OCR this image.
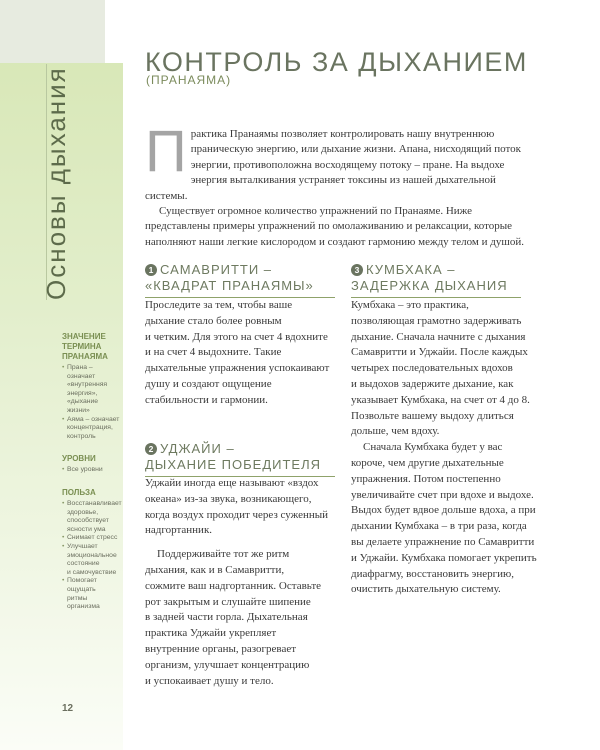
Основы дыхания
ЗНАЧЕНИЕ
ТЕРМИНА
ПРАНАЯМА
• Прана – означает
«внутренняя
энергия»,
«дыхание жизни»
• Аяма – означает
концентрация,
контроль
УРОВНИ
• Все уровни
ПОЛЬЗА
• Восстанавливает
здоровье,
способствует
ясности ума
• Снимает стресс
• Улучшает
эмоциональное
состояние
и самочувствие
• Помогает ощущать
ритмы организма
12
КОНТРОЛЬ ЗА ДЫХАНИЕМ
(ПРАНАЯМА)
П рактика Пранаямы позволяет контролировать нашу внутреннюю праническую энергию, или дыхание жизни. Апана, нисходящий поток энергии, противоположна восходящему потоку – пране. На выдохе энергия выталкивания устраняет токсины из нашей дыхательной системы.

Существует огромное количество упражнений по Пранаяме. Ниже представлены примеры упражнений по омолаживанию и релаксации, которые наполняют наши легкие кислородом и создают гармонию между телом и душой.

1 САМАВРИТТИ –
«КВАДРАТ ПРАНАЯМЫ»
Проследите за тем, чтобы ваше
дыхание стало более ровным
и четким. Для этого на счет 4 вдохните
и на счет 4 выдохните. Такие
дыхательные упражнения успокаивают
душу и создают ощущение
стабильности и гармонии.
2 УДЖАЙИ –
ДЫХАНИЕ ПОБЕДИТЕЛЯ
Уджайи иногда еще называют «вздох
океана» из-за звука, возникающего,
когда воздух проходит через суженный
надгортанник.
Поддерживайте тот же ритм
дыхания, как и в Самавритти,
сожмите ваш надгортанник. Оставьте
рот закрытым и слушайте шипение
в задней части горла. Дыхательная
практика Уджайи укрепляет
внутренние органы, разогревает
организм, улучшает концентрацию
и успокаивает душу и тело.
3 КУМБХАКА –
ЗАДЕРЖКА ДЫХАНИЯ
Кумбхака – это практика,
позволяющая грамотно задерживать
дыхание. Сначала начните с дыхания
Самавритти и Уджайи. После каждых
четырех последовательных вдохов
и выдохов задержите дыхание, как
указывает Кумбхака, на счет от 4 до 8.
Позвольте вашему выдоху длиться
дольше, чем вдоху.
Сначала Кумбхака будет у вас
короче, чем другие дыхательные
упражнения. Потом постепенно
увеличивайте счет при вдохе и выдохе.
Выдох будет вдвое дольше вдоха, а при
дыхании Кумбхака – в три раза, когда
вы делаете упражнение по Самавритти
и Уджайи. Кумбхака помогает укрепить
диафрагму, восстановить энергию,
очистить дыхательную систему.
